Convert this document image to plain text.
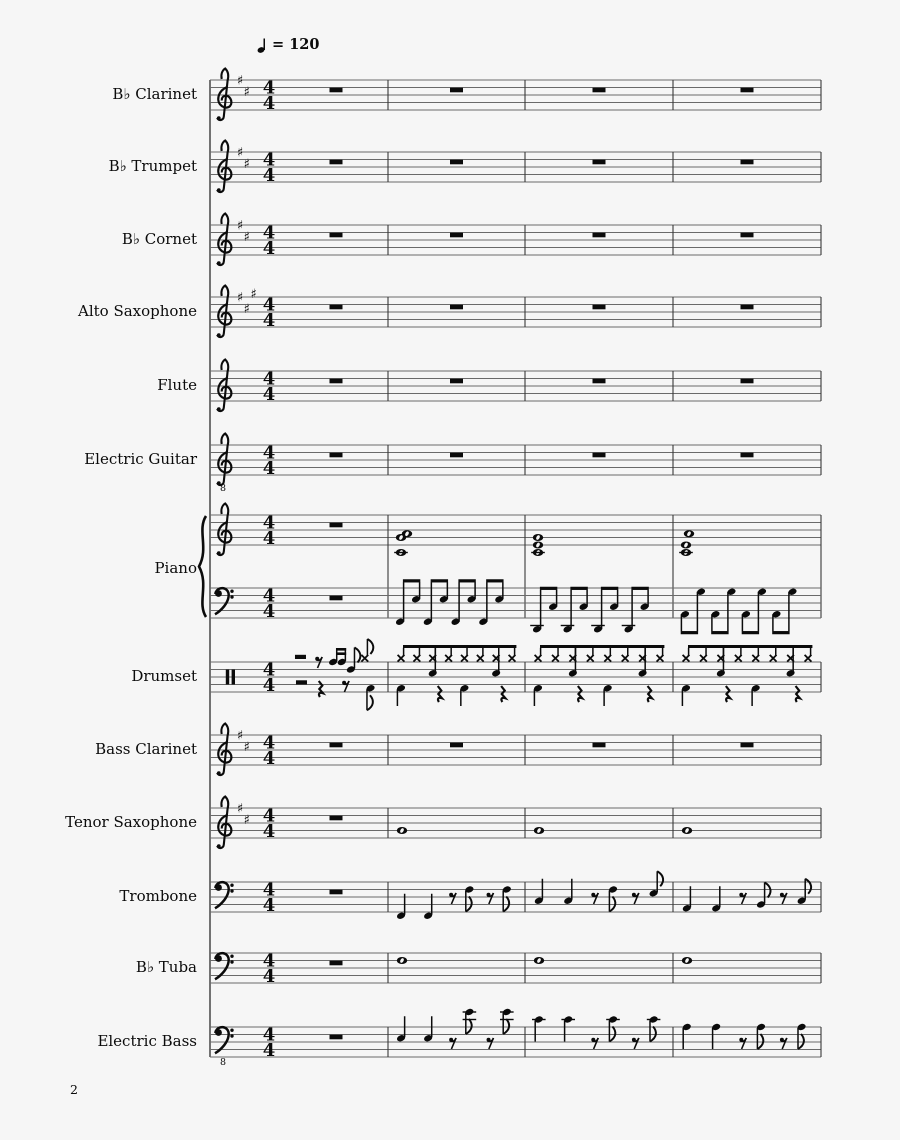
= 120
♯
♯ 4
4
♯
♯ 4
4
♯
♯ 4
4
♯
♯
♯
4
4
4
4
8
4
4
4
4
4
4
4
4
♯
♯ 4
4
♯
♯ 4
4
4
4
4
4
8
4
4
B♭ Clarinet
B♭ Trumpet
B♭ Cornet
Alto Saxophone
Flute
Electric Guitar
Piano
Drumset
Bass Clarinet
Tenor Saxophone
Trombone
B♭ Tuba
Electric Bass
2
